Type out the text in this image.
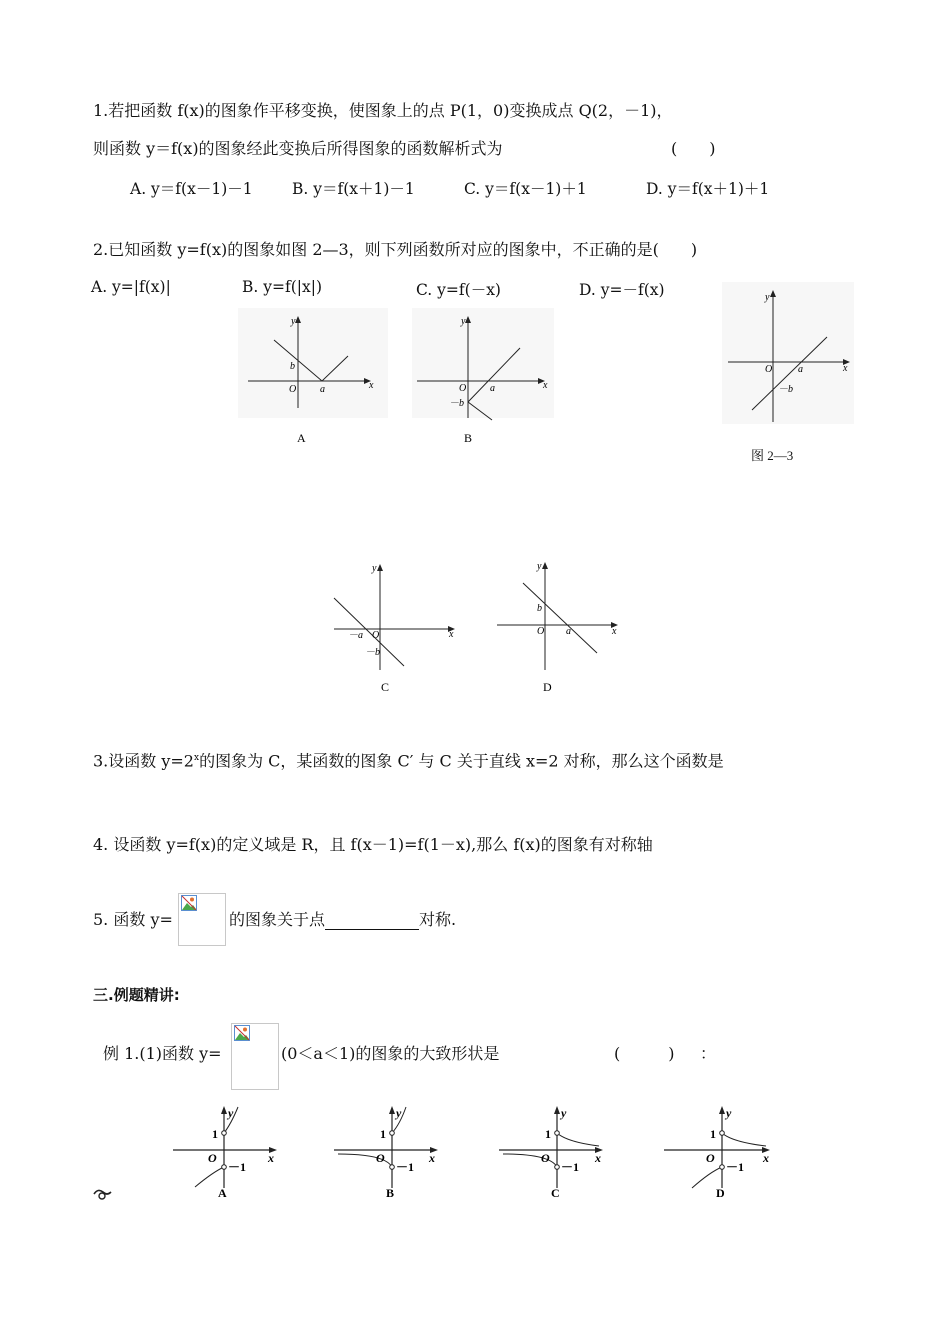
1.若把函数 f(x)的图象作平移变换，使图象上的点 P(1，0)变换成点 Q(2，－1)，
则函数 y＝f(x)的图象经此变换后所得图象的函数解析式为	(　　)
A. y＝f(x－1)－1	B. y＝f(x＋1)－1	C. y＝f(x－1)＋1	D. y＝f(x＋1)＋1
2.已知函数 y=f(x)的图象如图 2—3，则下列函数所对应的图象中，不正确的是(　　)
A. y=|f(x)|	B. y=f(|x|)	C. y=f(－x)	D. y=－f(x)
y
x
O a
b
A
y
x
O a
－b
B
y
x
O	a
－b
图 2—3
y
x
O
－a
－b
C
y
x
O a
b
D
3.设函数 $y=2^x$的图象为 C，某函数的图象 C′ 与 C 关于直线 x=2 对称，那么这个函数是
4. 设函数 y=f(x)的定义域是 R，且 f(x－1)=f(1－x),那么 f(x)的图象有对称轴
5. 函数 y=	的图象关于点	对称.
三.例题精讲:
例 1.(1)函数 y=	(0＜a＜1)的图象的大致形状是	(　　　) ：
y
x
O
1
－1
A
y
x
O
1
－1
B
y
x
O
1
－1
C
y
x
O
1
－1
D
